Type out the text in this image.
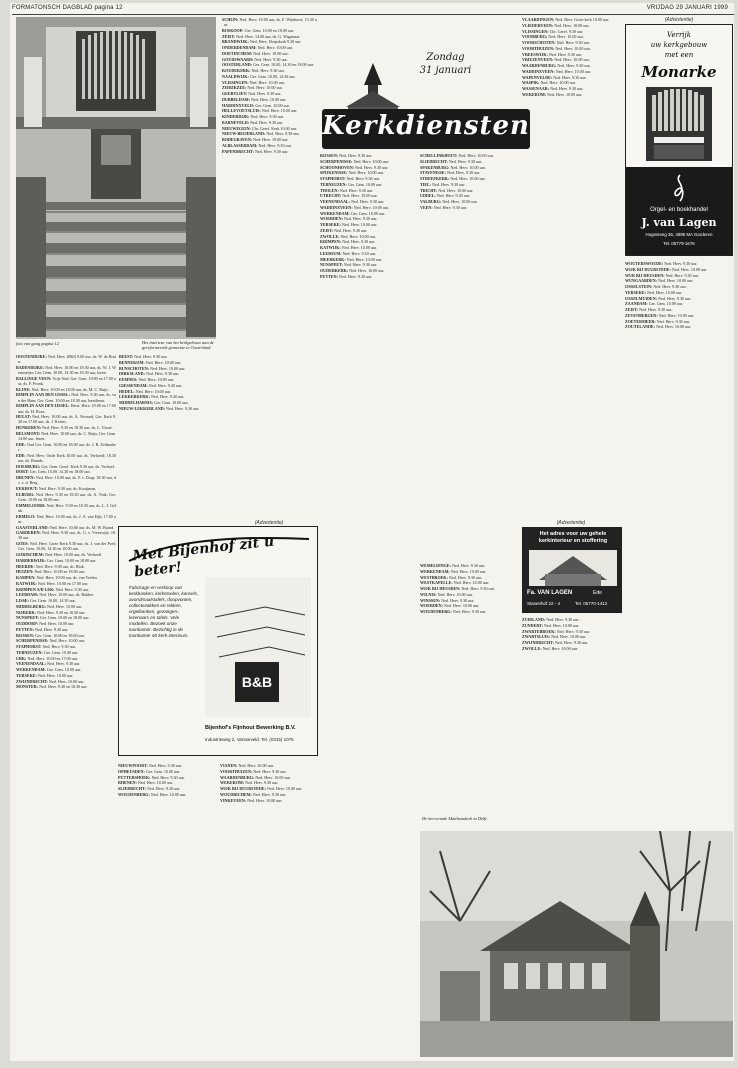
FORMATONSCH DAGBLAD pagina 12	VRIJDAG 29 JANUARI 1999
foto van gang pagina 12	Het interieur van het kerkgebouw aan de gereformeerde gemeente te Oosterland.
OOSTENDIJKE: Ned. Herv. (Blff) 9.00 uur, ds. W. de Bruin.
BADENDIJKE: Ned. Herv. 10.00 en 18.30 uur, ds. W. J. Westmeijer; Ger. Gem. 10.00, 14.30 en 18.30 uur, lezen.
BALLINGE VEEN: Vrije Ned. Ger. Gem. 10.00 en 17.00 uur, ds. F. Pronk.
KLINE: Ned. Herv. 10.00 en 18.00 uur, ds. M. C. Buijs.
RIMPLIN AAN DEN IJSSEL: Ned. Herv. 9.30 uur, ds. van der Ham; Ger. Gem. 10.00 en 18.30 uur, leesdienst.
RIMPLIN AAN DEN IJSSEL: Herst. Herv. 10.00 en 17.00 uur, ds. H. Roos.
HULST: Ned. Herv. 10.00 uur, ds. A. Verwaal; Ger. Kerk 9.30 en 17.00 uur, ds. J. Koster.
HUNKEREN: Ned. Herv. 9.30 en 18.30 uur, ds. L. Visser.
BELSMONT: Ned. Herv. 10.00 uur, ds. C. Buijs; Ger. Gem. 14.00 uur, lezen.
EDE: Oud Ger. Gem. 10.00 en 18.00 uur, ds. J. B. Zeilmaker.
EDE: Ned. Herv. Oude Kerk 10.00 uur, ds. Verhoeff; 18.30 uur, ds. Brands.
DOESBURG: Ger. Gem. Geref. Kerk 9.30 uur, ds. Verhoef.
DORT: Ger. Gem. 10.00, 14.30 en 18.00 uur.
DRUNEN: Ned. Herv. 10.00 uur, ds. P. v. Dorp; 18.30 uur, ds. v. d. Berg.
EEKHOUT: Ned. Herv. 9.30 uur, ds. Kooijman.
ELBURG: Ned. Herv. 9.30 en 18.30 uur, ds. A. Vink; Ger. Gem. 10.00 en 18.00 uur.
EMMELOORD: Ned. Herv. 9.30 en 18.30 uur, ds. L. J. Geluk.
ERMELO: Ned. Herv. 10.00 uur, ds. J. A. van Eijk; 17.00 uur.
GAASTERLAND: Ned. Herv. 10.00 uur, ds. M. W. Brand.
GARDEREN: Ned. Herv. 9.30 uur, ds. G. v. Vreeswijk; 18.30 uur.
GOES: Ned. Herv. Grote Kerk 9.30 uur, ds. J. van der Poel; Ger. Gem. 10.00, 14.30 en 18.00 uur.
GORINCHEM: Ned. Herv. 10.00 uur, ds. Verhoeff.
HARDERWIJK: Ger. Gem. 10.00 en 18.00 uur.
HEERDE: Ned. Herv. 9.30 uur, ds. Blok.
HUIZEN: Ned. Herv. 10.00 en 18.00 uur.
KAMPEN: Ned. Herv. 10.00 uur, ds. van Veelen.
KATWIJK: Ned. Herv. 10.00 en 17.00 uur.
KRIMPEN A/D LEK: Ned. Herv. 9.30 uur.
LEERDAM: Ned. Herv. 10.00 uur, ds. Bakker.
LISSE: Ger. Gem. 10.00, 14.30 uur.
MIDDELBURG: Ned. Herv. 10.00 uur.
NIJKERK: Ned. Herv. 9.30 en 18.30 uur.
NUNSPEET: Ger. Gem. 10.00 en 18.00 uur.
OUDDORP: Ned. Herv. 10.00 uur.
PUTTEN: Ned. Herv. 9.30 uur.
RIJSSEN: Ger. Gem. 10.00 en 18.00 uur.
SCHERPENISSE: Ned. Herv. 10.00 uur.
STAPHORST: Ned. Herv. 9.30 uur.
TERNEUZEN: Ger. Gem. 10.00 uur.
URK: Ned. Herv. 10.00 en 17.00 uur.
VEENENDAAL: Ned. Herv. 9.30 uur.
WERKENDAM: Ger. Gem. 10.00 uur.
YERSEKE: Ned. Herv. 10.00 uur.
ZWIJNDRECHT: Ned. Herv. 10.00 uur.
MONSTER: Ned. Herv. 9.30 en 18.30 uur.
BEEST: Ned. Herv. 9.30 uur.
BENNEKOM: Ned. Herv. 10.00 uur.
BUNSCHOTEN: Ned. Herv. 10.00 uur.
DIRKSLAND: Ned. Herv. 9.30 uur.
EEMNES: Ned. Herv. 10.00 uur.
GIESSENDAM: Ned. Herv. 9.30 uur.
HEDEL: Ned. Herv. 10.00 uur.
LEKKERKERK: Ned. Herv. 9.30 uur.
MIDDELHARNIS: Ger. Gem. 10.00 uur.
NIEUW-LEKKERLAND: Ned. Herv. 9.30 uur.
SCHIJN: Ned. Herv. 10.00 uur, ds. F. Wijnhorst, 15.30 uur.
BOSKOOP: Ger. Gem. 10.00 en 18.00 uur.
ZEIST: Ned. Herv. 14.00 uur, ds. G. Wagenaar.
BRANDWIJK: Ned. Herv. Dorpskerk 9.30 uur.
ONDERDENDAM: Ned. Herv. 10.00 uur.
DOETINCHEM: Ned. Herv. 19.00 uur.
GOUDSWAARD: Ned. Herv. 9.30 uur.
OOSTERLAND: Ger. Gem. 10.00, 14.30 en 18.00 uur.
KOUDEKERK: Ned. Herv. 9.30 uur.
NAALDWIJK: Ger. Gem. 10.00, 14.30 uur.
VLISSINGEN: Ned. Herv. 10.00 uur.
ZIERIKZEE: Ned. Herv. 10.00 uur.
GEERVLIET: Ned. Herv. 9.30 uur.
DUBBELDAM: Ned. Herv. 10.00 uur.
HARDINXVELD: Ger. Gem. 10.00 uur.
HELLEVOETSLUIS: Ned. Herv. 10.00 uur.
KINDERDIJK: Ned. Herv. 9.30 uur.
BARNEVELD: Ned. Herv. 9.30 uur.
NIEUWEGEIN: Chr. Geref. Kerk 10.00 uur.
NIEUW-BEIJERLAND: Ned. Herv. 9.30 uur.
BODEGRAVEN: Ned. Herv. 10.00 uur.
ALBLASSERDAM: Ned. Herv. 9.30 uur.
PAPENDRECHT: Ned. Herv. 9.30 uur.
Zondag
31 januari
Kerkdiensten
RIJSSEN: Ned. Herv. 9.30 uur.
SCHERPENISSE: Ned. Herv. 10.00 uur.
SCHOONHOVEN: Ned. Herv. 9.30 uur.
SPIJKENISSE: Ned. Herv. 10.00 uur.
STAPHORST: Ned. Herv. 9.30 uur.
TERNEUZEN: Ger. Gem. 10.00 uur.
THOLEN: Ned. Herv. 9.30 uur.
UTRECHT: Ned. Herv. 10.00 uur.
VEENENDAAL: Ned. Herv. 9.30 uur.
WADDINXVEEN: Ned. Herv. 10.00 uur.
WERKENDAM: Ger. Gem. 10.00 uur.
WOERDEN: Ned. Herv. 9.30 uur.
YERSEKE: Ned. Herv. 10.00 uur.
ZEIST: Ned. Herv. 9.30 uur.
ZWOLLE: Ned. Herv. 10.00 uur.
KRIMPEN: Ned. Herv. 9.30 uur.
KATWIJK: Ned. Herv. 10.00 uur.
LEERSUM: Ned. Herv. 9.30 uur.
MEERKERK: Ned. Herv. 10.00 uur.
NUNSPEET: Ned. Herv. 9.30 uur.
OUDERKERK: Ned. Herv. 10.00 uur.
PUTTEN: Ned. Herv. 9.30 uur.
SCHELLINKHOUT: Ned. Herv. 10.00 uur.
SLIEDRECHT: Ned. Herv. 9.30 uur.
SPAKENBURG: Ned. Herv. 10.00 uur.
STAVENISSE: Ned. Herv. 9.30 uur.
STREEFKERK: Ned. Herv. 10.00 uur.
TIEL: Ned. Herv. 9.30 uur.
TRICHT: Ned. Herv. 10.00 uur.
UDDEL: Ned. Herv. 9.30 uur.
VALBURG: Ned. Herv. 10.00 uur.
VEEN: Ned. Herv. 9.30 uur.
(Advertentie)
Met Bijenhof zit u beter!
Fabricage en verkoop van kerkbanken, kerkstoelen, kansels, avondmaalstafels, doopvonten, collectezakken en rekken, orgelbanken, gezangen-, lezenaars en tafels. Vele modellen. Bezoek onze toonkamer. Bezichtig in de toonkamer 60 kerk-interieurs.
B&B
Bijenhof's Fijnhout Bewerking B.V.
Industrieweg 2, Varsseveld. Tel. (0315) 1076
NIEUWPOORT: Ned. Herv. 9.30 uur.
OPHEUSDEN: Ger. Gem. 10.00 uur.
PUTTERSHOEK: Ned. Herv. 9.30 uur.
RHENEN: Ned. Herv. 10.00 uur.
SLIEDRECHT: Ned. Herv. 9.30 uur.
WOUDENBERG: Ned. Herv. 10.00 uur.
VIANEN: Ned. Herv. 10.00 uur.
VOORTHUIZEN: Ned. Herv. 9.30 uur.
WAARDENBURG: Ned. Herv. 10.00 uur.
WEKEROM: Ned. Herv. 9.30 uur.
WIJK BIJ DUURSTEDE: Ned. Herv. 10.00 uur.
WOUDRICHEM: Ned. Herv. 9.30 uur.
VINKEVEEN: Ned. Herv. 10.00 uur.
VLAARDINGEN: Ned. Herv. Grote kerk 10.00 uur.
VLIEDERVEEN: Ned. Herv. 10.00 uur.
VLISSINGEN: Chr. Geref. 9.30 uur.
VOORBURG: Ned. Herv. 10.00 uur.
VOORSCHOTEN: Ned. Herv. 9.30 uur.
VOORTHUIZEN: Ned. Herv. 10.00 uur.
VREESWIJK: Ned. Herv. 9.30 uur.
VRIEZENVEEN: Ned. Herv. 10.00 uur.
WAARDENBURG: Ned. Herv. 9.30 uur.
WADDINXVEEN: Ned. Herv. 10.00 uur.
WAPENVELDE: Ned. Herv. 9.30 uur.
WASPIK: Ned. Herv. 10.00 uur.
WASSENAAR: Ned. Herv. 9.30 uur.
WEKEROM: Ned. Herv. 10.00 uur.
WEMELDINGE: Ned. Herv. 9.30 uur.
WERKENDAM: Ned. Herv. 10.00 uur.
WESTBROEK: Ned. Herv. 9.30 uur.
WESTKAPELLE: Ned. Herv. 10.00 uur.
WIJK BIJ HEUSDEN: Ned. Herv. 9.30 uur.
WILNIS: Ned. Herv. 10.00 uur.
WINSSEN: Ned. Herv. 9.30 uur.
WOERDEN: Ned. Herv. 10.00 uur.
WOUDENBERG: Ned. Herv. 9.30 uur.
(Advertentie)
Het adres voor uw gehele kerkinterieur en stoffering
Fa. VAN LAGEN	Ede
Stavenhof 22 - 4	Tel. 05770-1412
ZUIDLAND: Ned. Herv. 9.30 uur.
ZUNDERT: Ned. Herv. 10.00 uur.
ZWARTEBROEK: Ned. Herv. 9.30 uur.
ZWARTSLUIS: Ned. Herv. 10.00 uur.
ZWIJNDRECHT: Ned. Herv. 9.30 uur.
ZWOLLE: Ned. Herv. 10.00 uur.
(Advertentie)
Verrijk
uw kerkgebouw
met een
Monarke
Orgel- en boekhandel
J. van Lagen
Hogesteeg 36, 3886 MA Garderen
Tel. 05779-1676
WOUTERSWOUDE: Ned. Herv. 9.30 uur.
WIJK BIJ DUURSTEDE: Ned. Herv. 10.00 uur.
WUR BIJ HEUSDEN: Ned. Herv. 9.30 uur.
WUNGAARDEN: Ned. Herv. 10.00 uur.
IJSSELSTEIN: Ned. Herv. 9.30 uur.
YERSEKE: Ned. Herv. 10.00 uur.
IJSSELMUIDEN: Ned. Herv. 9.30 uur.
ZAANDAM: Ger. Gem. 10.00 uur.
ZEIST: Ned. Herv. 9.30 uur.
ZEVENBERGEN: Ned. Herv. 10.00 uur.
ZOETERMEER: Ned. Herv. 9.30 uur.
ZOUTELANDE: Ned. Herv. 10.00 uur.
De hervormde Mattheuskerk in Delft.
